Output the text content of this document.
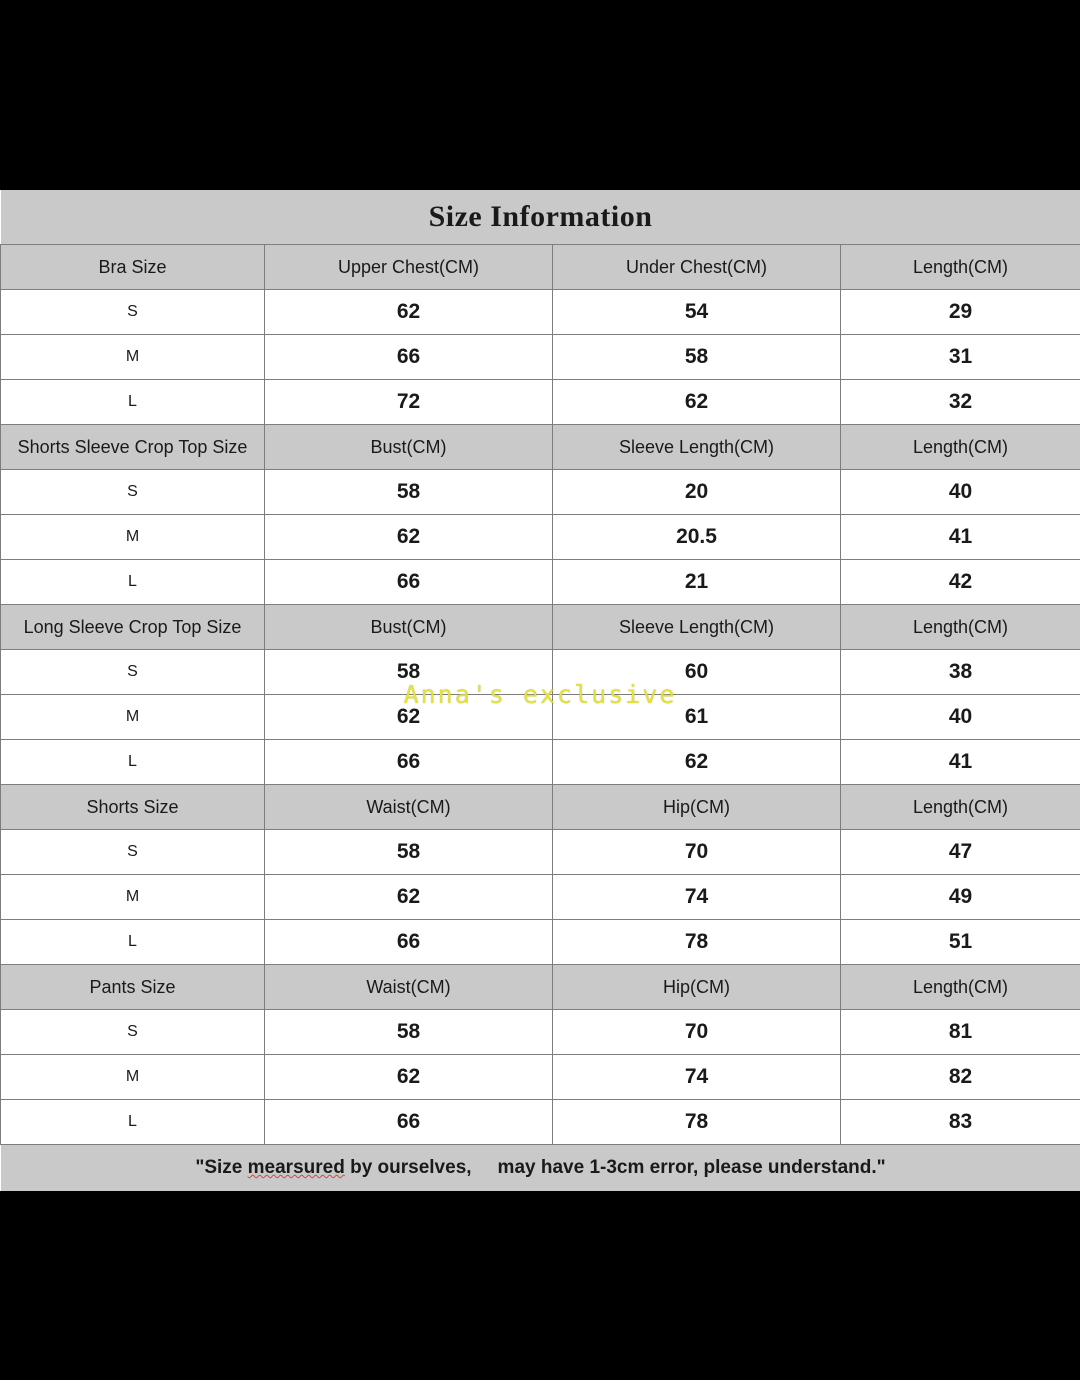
Size Information			
Bra Size	Upper Chest(CM)	Under Chest(CM)	Length(CM)
S	62	54	29
M	66	58	31
L	72	62	32
Shorts Sleeve Crop Top Size	Bust(CM)	Sleeve Length(CM)	Length(CM)
S	58	20	40
M	62	20.5	41
L	66	21	42
Long Sleeve Crop Top Size	Bust(CM)	Sleeve Length(CM)	Length(CM)
S	58	60	38
M	62	61	40
L	66	62	41
Shorts Size	Waist(CM)	Hip(CM)	Length(CM)
S	58	70	47
M	62	74	49
L	66	78	51
Pants Size	Waist(CM)	Hip(CM)	Length(CM)
S	58	70	81
M	62	74	82
L	66	78	83
"Size mearsured by ourselves, may have 1-3cm error, please understand."			
Anna's exclusive
